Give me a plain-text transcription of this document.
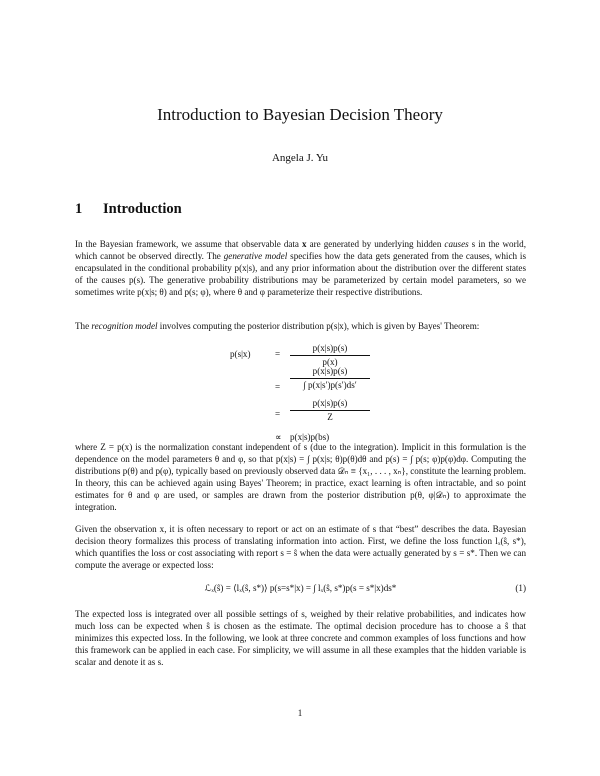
Introduction to Bayesian Decision Theory
Angela J. Yu
1 Introduction
In the Bayesian framework, we assume that observable data x are generated by underlying hidden causes s in the world, which cannot be observed directly. The generative model specifies how the data gets generated from the causes, which is encapsulated in the conditional probability p(x|s), and any prior information about the distribution over the different states of the causes p(s). The generative probability distributions may be parameterized by certain model parameters, so we sometimes write p(x|s; θ) and p(s; φ), where θ and φ parameterize their respective distributions.
The recognition model involves computing the posterior distribution p(s|x), which is given by Bayes' Theorem:
p(s|x)	=
p(x|s)p(s)
p(x)
=
p(x|s)p(s)
∫ p(x|s′)p(s′)ds′
=
p(x|s)p(s)
Z
∝ p(x|s)p(bs)
where Z = p(x) is the normalization constant independent of s (due to the integration). Implicit in this formulation is the dependence on the model parameters θ and φ, so that p(x|s) = ∫ p(x|s; θ)p(θ)dθ and p(s) = ∫ p(s; φ)p(φ)dφ. Computing the distributions p(θ) and p(φ), typically based on previously observed data 𝒟ₙ ≡ {x₁, . . . , xₙ}, constitute the learning problem. In theory, this can be achieved again using Bayes' Theorem; in practice, exact learning is often intractable, and so point estimates for θ and φ are used, or samples are drawn from the posterior distribution p(θ, φ|𝒟ₙ) to approximate the integration.
Given the observation x, it is often necessary to report or act on an estimate of s that “best” describes the data. Bayesian decision theory formalizes this process of translating information into action. First, we define the loss function lₓ(ŝ, s*), which quantifies the loss or cost associating with report s = ŝ when the data were actually generated by s = s*. Then we can compute the average or expected loss:
ℒₓ(ŝ) = ⟨lₓ(ŝ, s*)⟩ p(s=s*|x) = ∫ lₓ(ŝ, s*)p(s = s*|x)ds*	(1)
The expected loss is integrated over all possible settings of s, weighed by their relative probabilities, and indicates how much loss can be expected when ŝ is chosen as the estimate. The optimal decision procedure has to choose a ŝ that minimizes this expected loss. In the following, we look at three concrete and common examples of loss functions and how this framework can be applied in each case. For simplicity, we will assume in all these examples that the hidden variable is scalar and denote it as s.
1
